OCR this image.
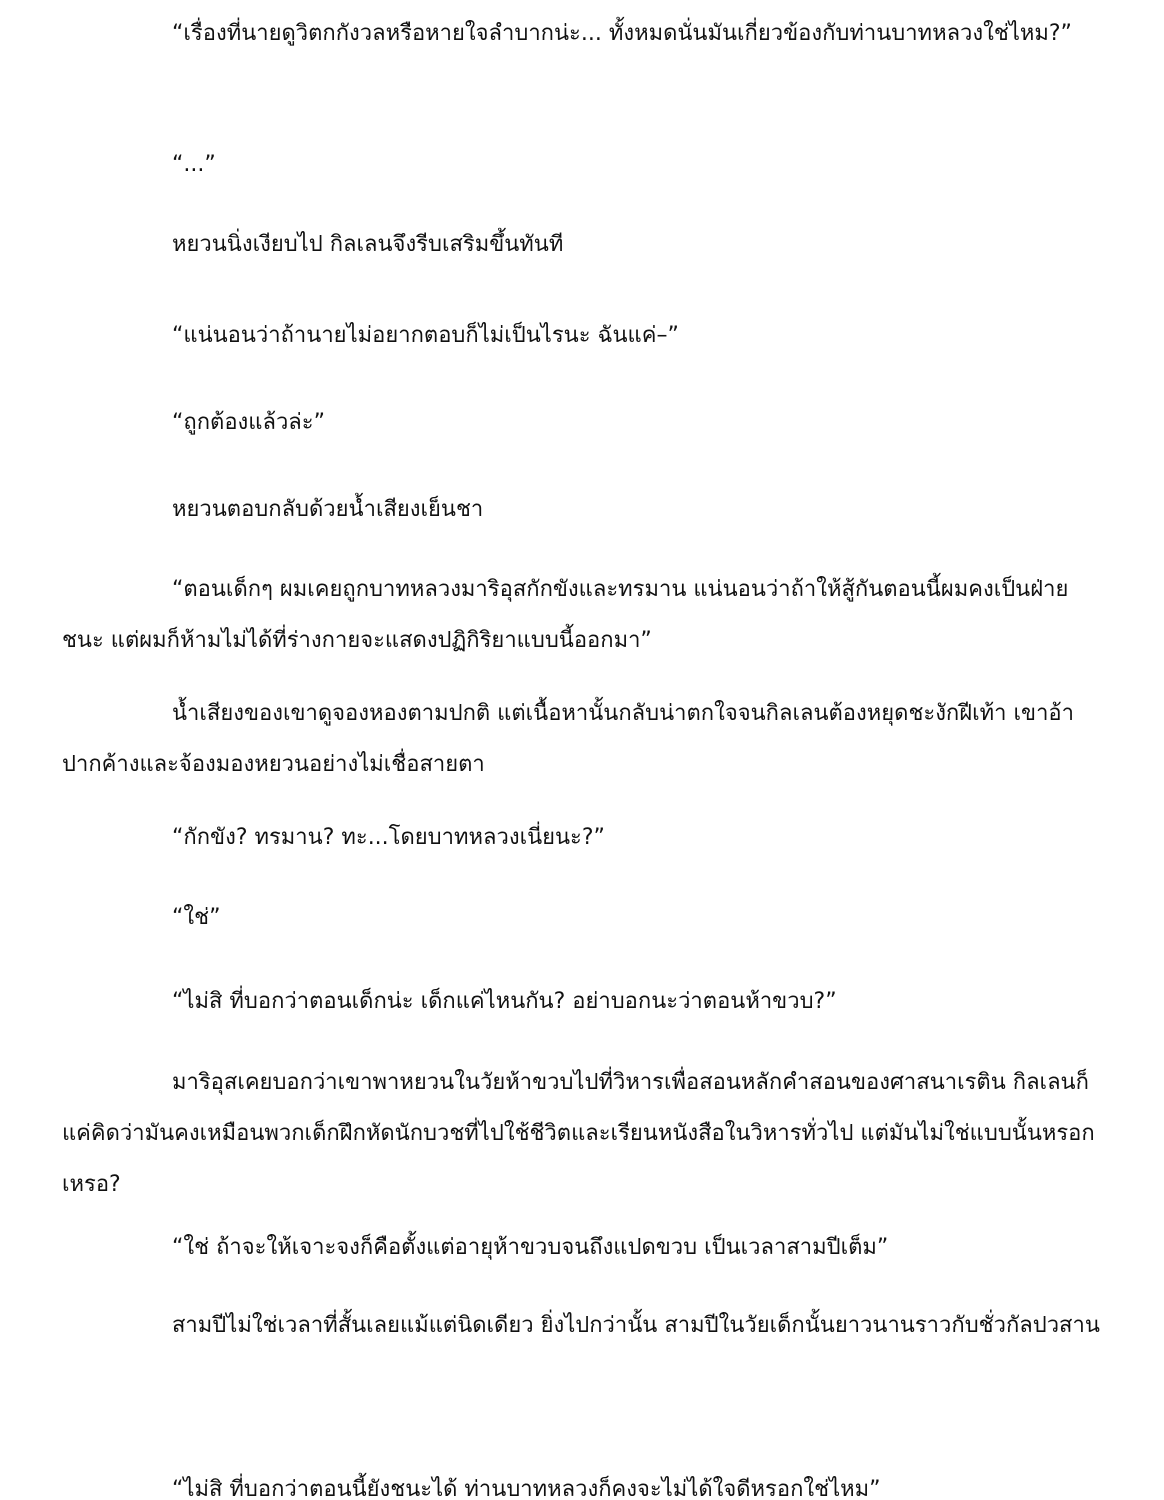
“เรื่องที่นายดูวิตกกังวลหรือหายใจลำบากน่ะ... ทั้งหมดนั่นมันเกี่ยวข้องกับท่านบาทหลวงใช่ไหม?”

“...”

หยวนนิ่งเงียบไป กิลเลนจึงรีบเสริมขึ้นทันที

“แน่นอนว่าถ้านายไม่อยากตอบก็ไม่เป็นไรนะ ฉันแค่–”

“ถูกต้องแล้วล่ะ”

หยวนตอบกลับด้วยน้ำเสียงเย็นชา

“ตอนเด็กๆ ผมเคยถูกบาทหลวงมาริอุสกักขังและทรมาน แน่นอนว่าถ้าให้สู้กันตอนนี้ผมคงเป็นฝ่ายชนะ แต่ผมก็ห้ามไม่ได้ที่ร่างกายจะแสดงปฏิกิริยาแบบนี้ออกมา”

น้ำเสียงของเขาดูจองหองตามปกติ แต่เนื้อหานั้นกลับน่าตกใจจนกิลเลนต้องหยุดชะงักฝีเท้า เขาอ้าปากค้างและจ้องมองหยวนอย่างไม่เชื่อสายตา

“กักขัง? ทรมาน? ทะ...โดยบาทหลวงเนี่ยนะ?”

“ใช่”

“ไม่สิ ที่บอกว่าตอนเด็กน่ะ เด็กแค่ไหนกัน? อย่าบอกนะว่าตอนห้าขวบ?”

มาริอุสเคยบอกว่าเขาพาหยวนในวัยห้าขวบไปที่วิหารเพื่อสอนหลักคำสอนของศาสนาเรติน กิลเลนก็แค่คิดว่ามันคงเหมือนพวกเด็กฝึกหัดนักบวชที่ไปใช้ชีวิตและเรียนหนังสือในวิหารทั่วไป แต่มันไม่ใช่แบบนั้นหรอกเหรอ?

“ใช่ ถ้าจะให้เจาะจงก็คือตั้งแต่อายุห้าขวบจนถึงแปดขวบ เป็นเวลาสามปีเต็ม”

สามปีไม่ใช่เวลาที่สั้นเลยแม้แต่นิดเดียว ยิ่งไปกว่านั้น สามปีในวัยเด็กนั้นยาวนานราวกับชั่วกัลปวสาน

“ไม่สิ ที่บอกว่าตอนนี้ยังชนะได้ ท่านบาทหลวงก็คงจะไม่ได้ใจดีหรอกใช่ไหม”
